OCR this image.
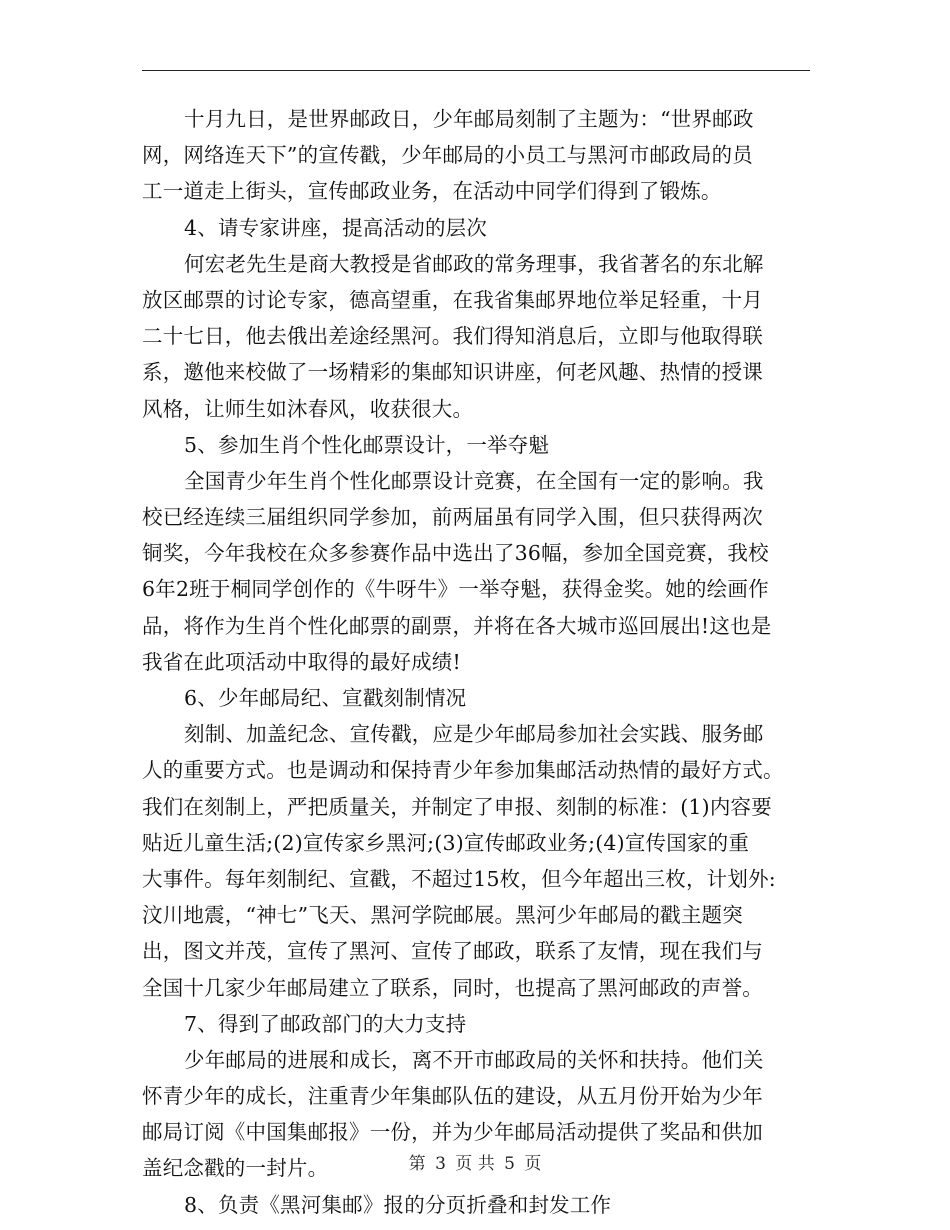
十月九日，是世界邮政日，少年邮局刻制了主题为：“世界邮政
网，网络连天下”的宣传戳，少年邮局的小员工与黑河市邮政局的员
工一道走上街头，宣传邮政业务，在活动中同学们得到了锻炼。
4、请专家讲座，提高活动的层次
何宏老先生是商大教授是省邮政的常务理事，我省著名的东北解
放区邮票的讨论专家，德高望重，在我省集邮界地位举足轻重，十月
二十七日，他去俄出差途经黑河。我们得知消息后，立即与他取得联
系，邀他来校做了一场精彩的集邮知识讲座，何老风趣、热情的授课
风格，让师生如沐春风，收获很大。
5、参加生肖个性化邮票设计，一举夺魁
全国青少年生肖个性化邮票设计竞赛，在全国有一定的影响。我
校已经连续三届组织同学参加，前两届虽有同学入围，但只获得两次
铜奖，今年我校在众多参赛作品中选出了36幅，参加全国竞赛，我校
6年2班于桐同学创作的《牛呀牛》一举夺魁，获得金奖。她的绘画作
品，将作为生肖个性化邮票的副票，并将在各大城市巡回展出!这也是
我省在此项活动中取得的最好成绩!
6、少年邮局纪、宣戳刻制情况
刻制、加盖纪念、宣传戳，应是少年邮局参加社会实践、服务邮
人的重要方式。也是调动和保持青少年参加集邮活动热情的最好方式。
我们在刻制上，严把质量关，并制定了申报、刻制的标准：(1)内容要
贴近儿童生活;(2)宣传家乡黑河;(3)宣传邮政业务;(4)宣传国家的重
大事件。每年刻制纪、宣戳，不超过15枚，但今年超出三枚，计划外:
汶川地震，“神七”飞天、黑河学院邮展。黑河少年邮局的戳主题突
出，图文并茂，宣传了黑河、宣传了邮政，联系了友情，现在我们与
全国十几家少年邮局建立了联系，同时，也提高了黑河邮政的声誉。
7、得到了邮政部门的大力支持
少年邮局的进展和成长，离不开市邮政局的关怀和扶持。他们关
怀青少年的成长，注重青少年集邮队伍的建设，从五月份开始为少年
邮局订阅《中国集邮报》一份，并为少年邮局活动提供了奖品和供加
盖纪念戳的一封片。
8、负责《黑河集邮》报的分页折叠和封发工作
第 3 页 共 5 页
